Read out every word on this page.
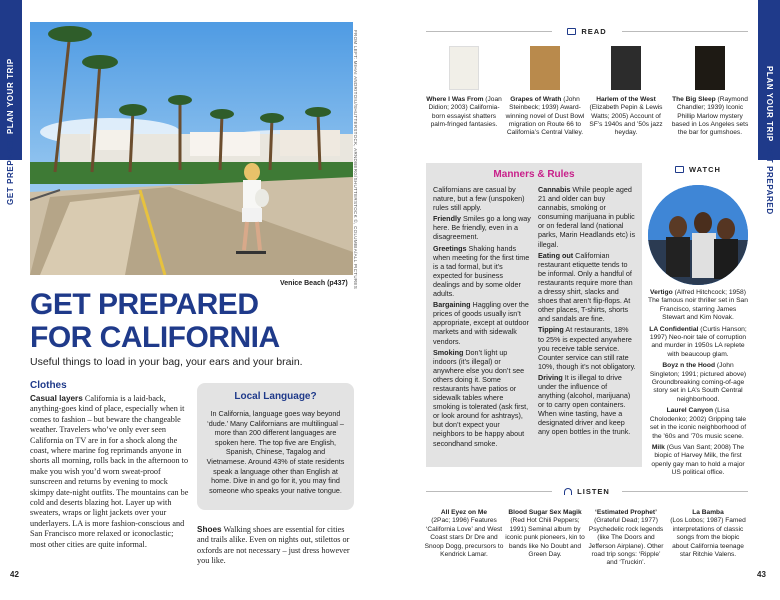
PLAN YOUR TRIP
GET PREPARED
PLAN YOUR TRIP
GET PREPARED
FROM LEFT: MIHAI ANDRITOIU/SHUTTERSTOCK, ARNDBERG/SHUTTERSTOCK ©, COLUMBIA/ALL PICTURES
Venice Beach (p437)
GET PREPARED
FOR CALIFORNIA
Useful things to load in your bag, your ears and your brain.
Clothes
Casual layers California is a laid-back, anything-goes kind of place, especially when it comes to fashion – but beware the changeable weather. Travelers who’ve only ever seen California on TV are in for a shock along the coast, where marine fog reprimands anyone in shorts all morning, rolls back in the afternoon to make you wish you’d worn sweat-proof sunscreen and returns by evening to mock skimpy date-night outfits. The mountains can be cold and deserts blazing hot. Layer up with sweaters, wraps or light jackets over your underlayers. LA is more fashion-conscious and San Francisco more relaxed or iconoclastic; most other cities are quite informal.
Local Language?

In California, language goes way beyond ‘dude.’ Many Californians are multilingual – more than 200 different languages are spoken here. The top five are English, Spanish, Chinese, Tagalog and Vietnamese. Around 43% of state residents speak a language other than English at home. Dive in and go for it, you may find someone who speaks your native tongue.

Shoes Walking shoes are essential for cities and trails alike. Even on nights out, stilettos or oxfords are not necessary – just dress however you like.
42	43
READ

Where I Was From (Joan Didion; 2003) California-born essayist shatters palm-fringed fantasies.

Grapes of Wrath (John Steinbeck; 1939) Award-winning novel of Dust Bowl migration on Route 66 to California’s Central Valley.

Harlem of the West (Elizabeth Pepin & Lewis Watts; 2005) Account of SF’s 1940s and ’50s jazz heyday.

The Big Sleep (Raymond Chandler; 1939) Iconic Phillip Marlow mystery based in Los Angeles sets the bar for gumshoes.

Manners & Rules

Californians are casual by nature, but a few (unspoken) rules still apply.

Friendly Smiles go a long way here. Be friendly, even in a disagreement.

Greetings Shaking hands when meeting for the first time is a tad formal, but it’s expected for business dealings and by some older adults.

Bargaining Haggling over the prices of goods usually isn’t appropriate, except at outdoor markets and with sidewalk vendors.

Smoking Don’t light up indoors (it’s illegal) or anywhere else you don’t see others doing it. Some restaurants have patios or sidewalk tables where smoking is tolerated (ask first, or look around for ashtrays), but don’t expect your neighbors to be happy about secondhand smoke.

Cannabis While people aged 21 and older can buy cannabis, smoking or consuming marijuana in public or on federal land (national parks, Marin Headlands etc) is illegal.

Eating out Californian restaurant etiquette tends to be informal. Only a handful of restaurants require more than a dressy shirt, slacks and shoes that aren’t flip-flops. At other places, T-shirts, shorts and sandals are fine.

Tipping At restaurants, 18% to 25% is expected anywhere you receive table service. Counter service can still rate 10%, though it’s not obligatory.

Driving It is illegal to drive under the influence of anything (alcohol, marijuana) or to carry open containers. When wine tasting, have a designated driver and keep any open bottles in the trunk.

WATCH

Vertigo (Alfred Hitchcock; 1958) The famous noir thriller set in San Francisco, starring James Stewart and Kim Novak.

LA Confidential (Curtis Hanson; 1997) Neo-noir tale of corruption and murder in 1950s LA replete with beaucoup glam.

Boyz n the Hood (John Singleton; 1991; pictured above) Groundbreaking coming-of-age story set in LA’s South Central neighborhood.

Laurel Canyon (Lisa Cholodenko; 2002) Gripping tale set in the iconic neighborhood of the ’60s and ’70s music scene.

Milk (Gus Van Sant; 2008) The biopic of Harvey Milk, the first openly gay man to hold a major US political office.

LISTEN
All Eyez on Me
(2Pac; 1996) Features ‘California Love’ and West Coast stars Dr Dre and Snoop Dogg, precursors to Kendrick Lamar.
Blood Sugar Sex Magik
(Red Hot Chili Peppers; 1991) Seminal album by iconic punk pioneers, kin to bands like No Doubt and Green Day.
‘Estimated Prophet’
(Grateful Dead; 1977) Psychedelic rock legends (like The Doors and Jefferson Airplane). Other road trip songs: ‘Ripple’ and ‘Truckin’.
La Bamba
(Los Lobos; 1987) Famed interpretations of classic songs from the biopic about California teenage star Ritchie Valens.
